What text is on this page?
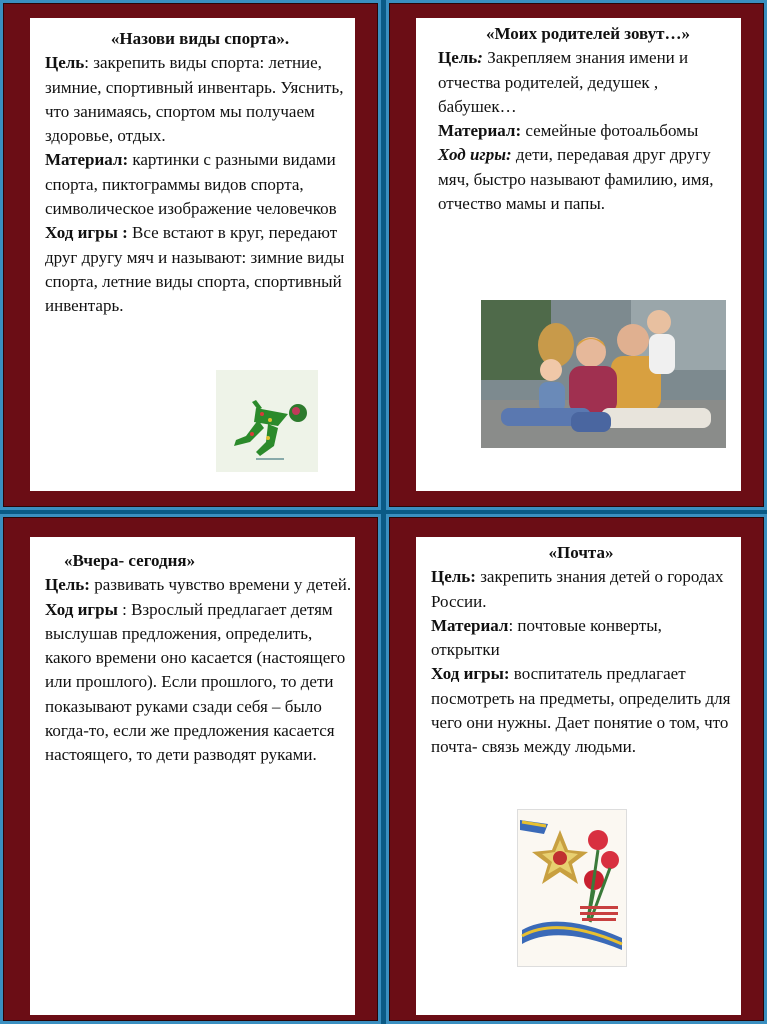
«Назови виды спорта».

Цель: закрепить виды спорта: летние, зимние, спортивный инвентарь. Уяснить, что занимаясь, спортом мы получаем здоровье, отдых.

Материал: картинки с разными видами спорта, пиктограммы видов спорта, символическое изображение человечков

Ход игры : Все встают в круг, передают друг другу мяч и называют: зимние виды спорта, летние виды спорта, спортивный инвентарь.

«Моих родителей зовут…»

Цель: Закрепляем знания имени и отчества родителей, дедушек , бабушек…

Материал: семейные фотоальбомы

Ход игры: дети, передавая друг другу мяч, быстро называют фамилию, имя, отчество мамы и папы.

«Вчера- сегодня»

Цель: развивать чувство времени у детей.

Ход игры : Взрослый предлагает детям выслушав предложения, определить, какого времени оно касается (настоящего или прошлого). Если прошлого, то дети показывают руками сзади себя – было когда-то, если же предложения касается настоящего, то дети разводят руками.

«Почта»

Цель: закрепить знания детей о городах России.

Материал: почтовые конверты, открытки

Ход игры: воспитатель предлагает посмотреть на предметы, определить для чего они нужны. Дает понятие о том, что почта- связь между людьми.
